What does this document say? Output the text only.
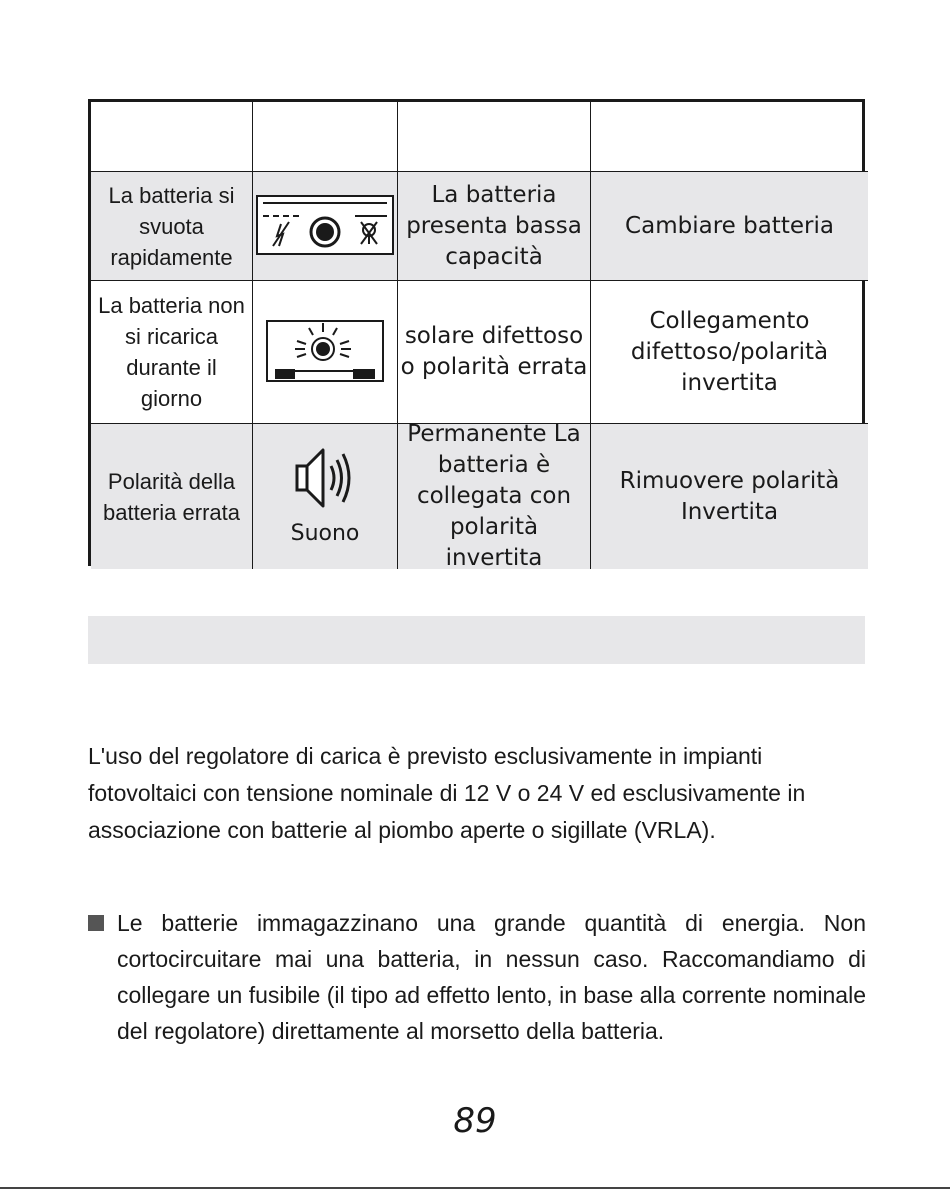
La batteria si svuota rapidamente
La batteria presenta bassa capacità
Cambiare batteria
La batteria non si ricarica durante il giorno
solare difettoso o polarità errata
Collegamento difettoso/polarità invertita
Polarità della batteria errata
Suono
Permanente La batteria è collegata con polarità invertita
Rimuovere polarità Invertita

L'uso del regolatore di carica è previsto esclusivamente in impianti fotovoltaici con tensione nominale di 12 V o 24 V ed esclusivamente in associazione con batterie al piombo aperte o sigillate (VRLA).

Le batterie immagazzinano una grande quantità di energia. Non cortocircuitare mai una batteria, in nessun caso. Raccomandiamo di collegare un fusibile (il tipo ad effetto lento, in base alla corrente nominale del regolatore) direttamente al morsetto della batteria.

89
